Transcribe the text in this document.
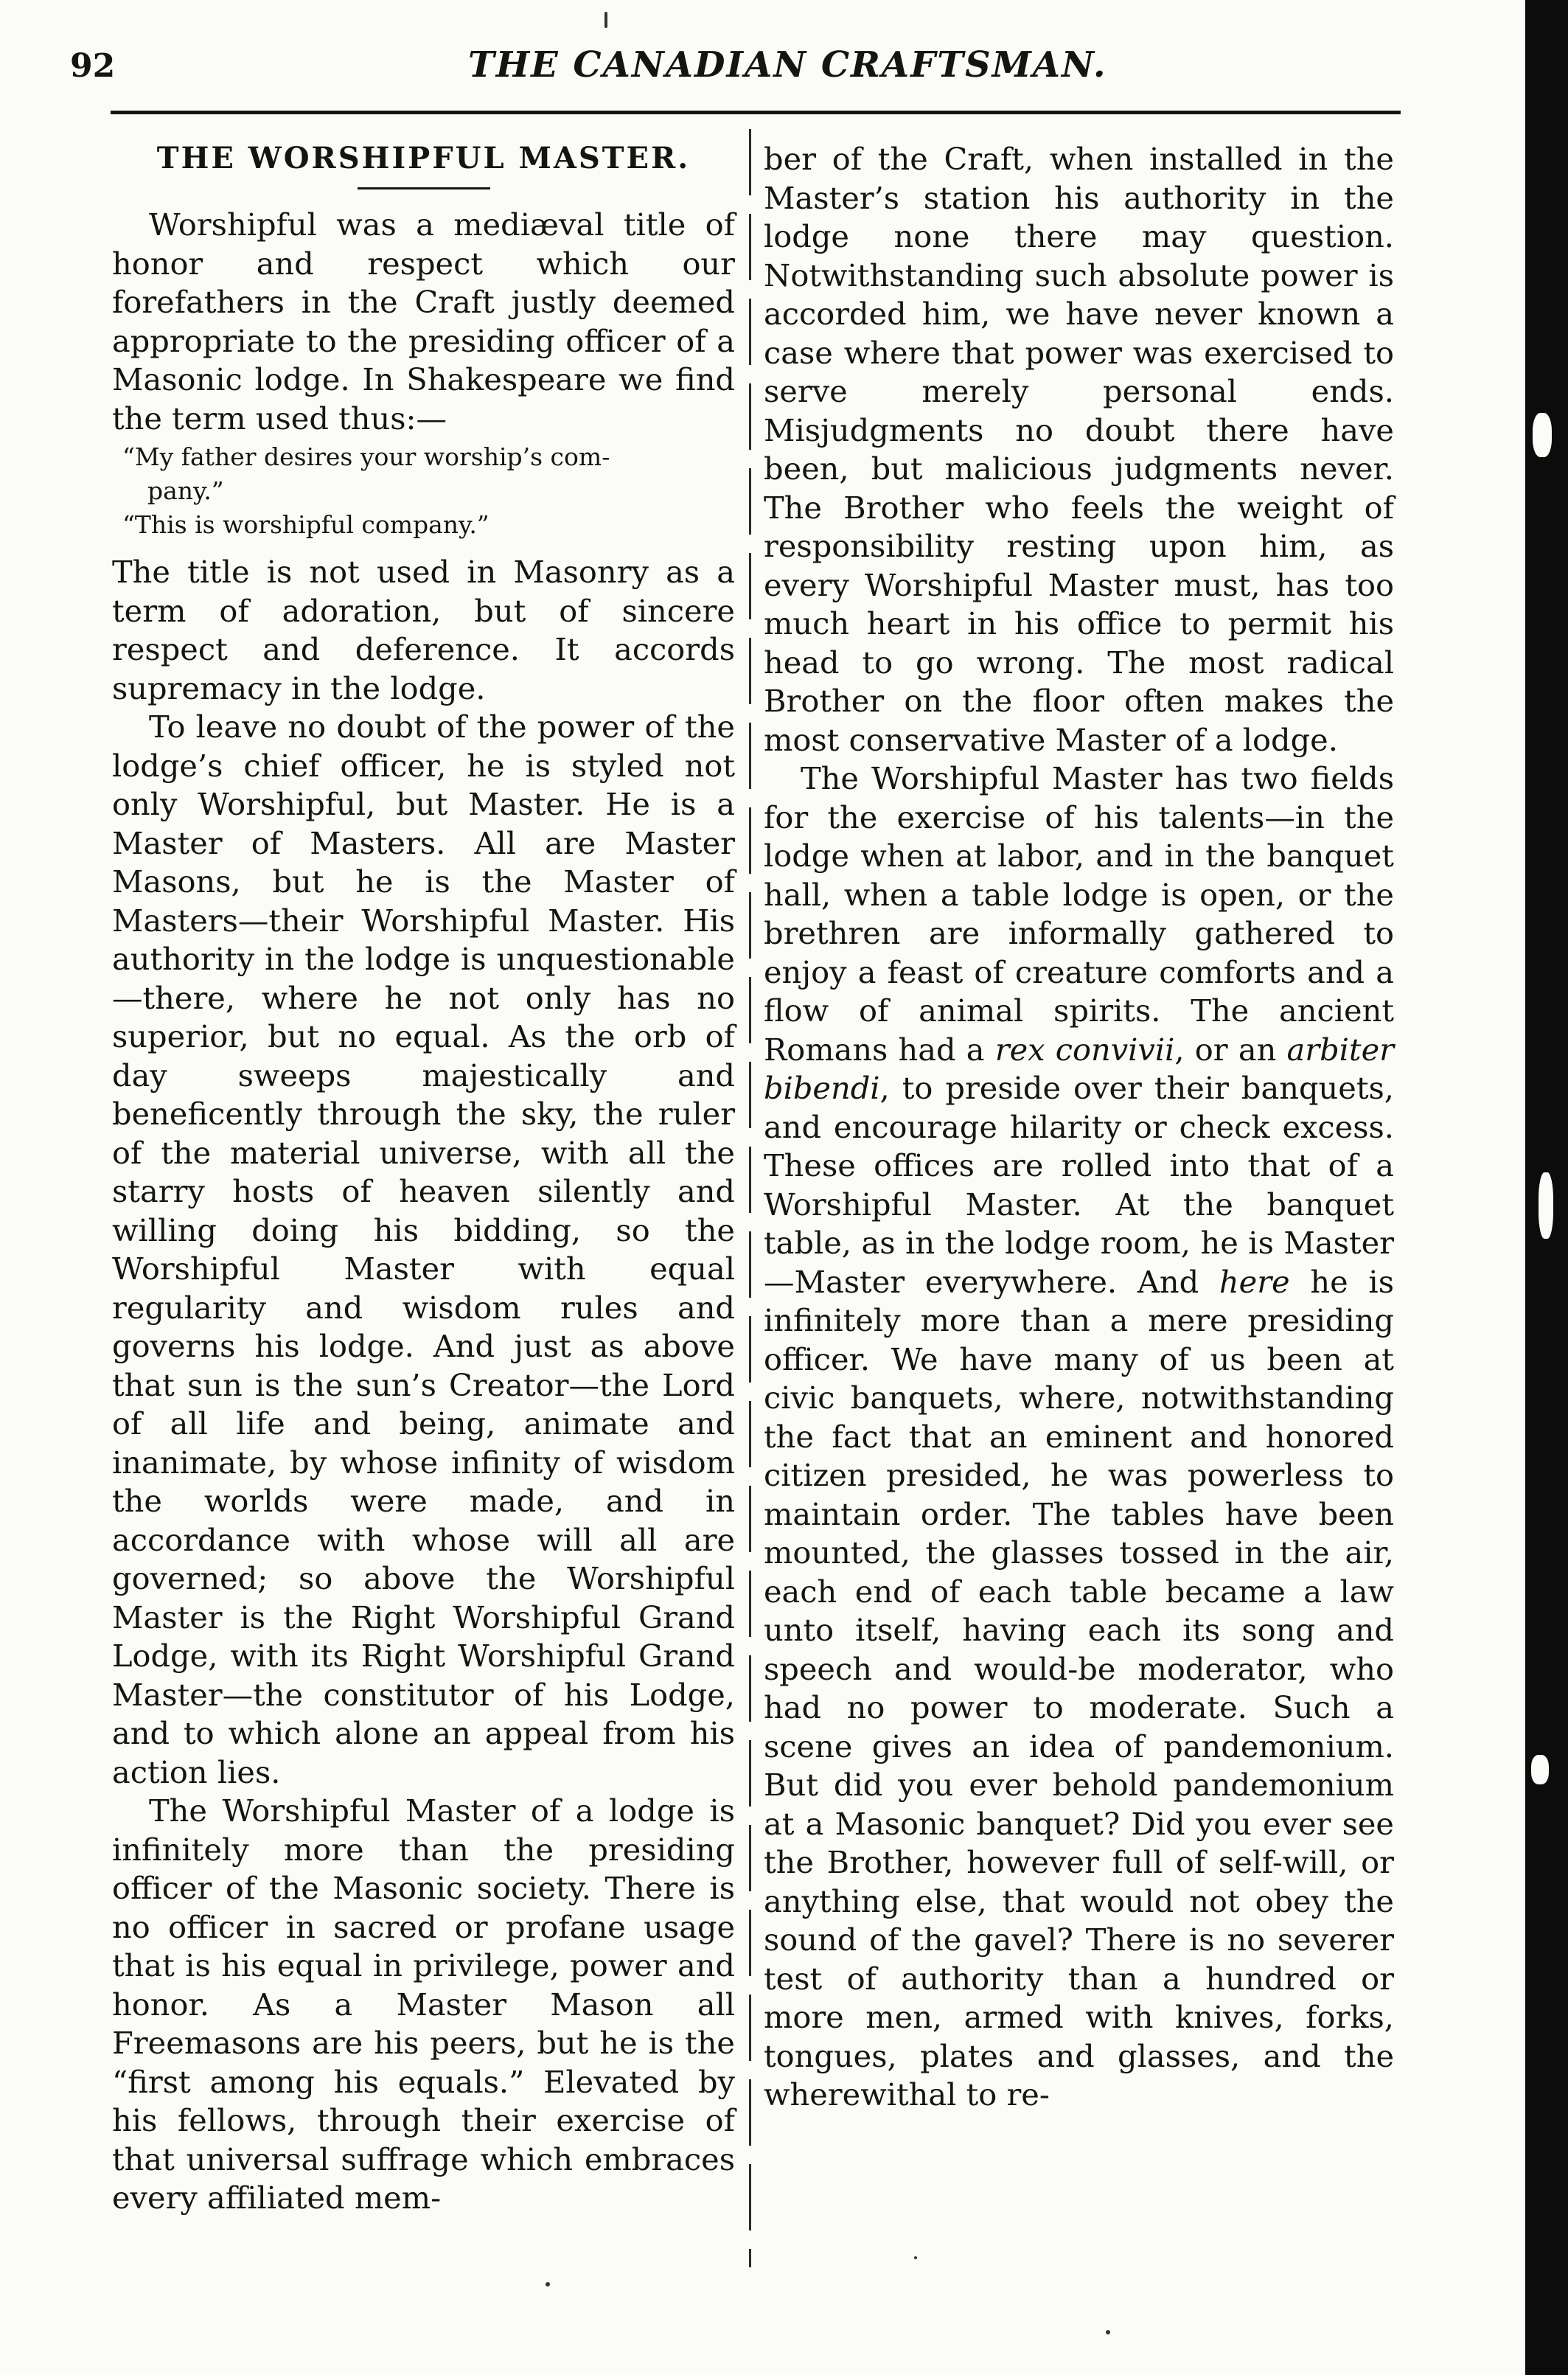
92	THE CANADIAN CRAFTSMAN.
THE WORSHIPFUL MASTER.

Worshipful was a mediæval title of honor and respect which our forefathers in the Craft justly deemed appropriate to the presiding officer of a Masonic lodge. In Shakespeare we find the term used thus:—

“My father desires your worship’s com-

pany.”

“This is worshipful company.”

The title is not used in Masonry as a term of adoration, but of sincere respect and deference. It accords supremacy in the lodge.

To leave no doubt of the power of the lodge’s chief officer, he is styled not only Worshipful, but Master. He is a Master of Masters. All are Master Masons, but he is the Master of Masters—their Worshipful Master. His authority in the lodge is unquestionable—there, where he not only has no superior, but no equal. As the orb of day sweeps majestically and beneficently through the sky, the ruler of the material universe, with all the starry hosts of heaven silently and willing doing his bidding, so the Worshipful Master with equal regularity and wisdom rules and governs his lodge. And just as above that sun is the sun’s Creator—the Lord of all life and being, animate and inanimate, by whose infinity of wisdom the worlds were made, and in accordance with whose will all are governed; so above the Worshipful Master is the Right Worshipful Grand Lodge, with its Right Worshipful Grand Master—the constitutor of his Lodge, and to which alone an appeal from his action lies.

The Worshipful Master of a lodge is infinitely more than the presiding officer of the Masonic society. There is no officer in sacred or profane usage that is his equal in privilege, power and honor. As a Master Mason all Freemasons are his peers, but he is the “first among his equals.” Elevated by his fellows, through their exercise of that universal suffrage which embraces every affiliated mem-

ber of the Craft, when installed in the Master’s station his authority in the lodge none there may question. Notwithstanding such absolute power is accorded him, we have never known a case where that power was exercised to serve merely personal ends. Misjudgments no doubt there have been, but malicious judgments never. The Brother who feels the weight of responsibility resting upon him, as every Worshipful Master must, has too much heart in his office to permit his head to go wrong. The most radical Brother on the floor often makes the most conservative Master of a lodge.

The Worshipful Master has two fields for the exercise of his talents—in the lodge when at labor, and in the banquet hall, when a table lodge is open, or the brethren are informally gathered to enjoy a feast of creature comforts and a flow of animal spirits. The ancient Romans had a rex convivii, or an arbiter bibendi, to preside over their banquets, and encourage hilarity or check excess. These offices are rolled into that of a Worshipful Master. At the banquet table, as in the lodge room, he is Master—Master everywhere. And here he is infinitely more than a mere presiding officer. We have many of us been at civic banquets, where, notwithstanding the fact that an eminent and honored citizen presided, he was powerless to maintain order. The tables have been mounted, the glasses tossed in the air, each end of each table became a law unto itself, having each its song and speech and would-be moderator, who had no power to moderate. Such a scene gives an idea of pandemonium. But did you ever behold pandemonium at a Masonic banquet? Did you ever see the Brother, however full of self-will, or anything else, that would not obey the sound of the gavel? There is no severer test of authority than a hundred or more men, armed with knives, forks, tongues, plates and glasses, and the wherewithal to re-
